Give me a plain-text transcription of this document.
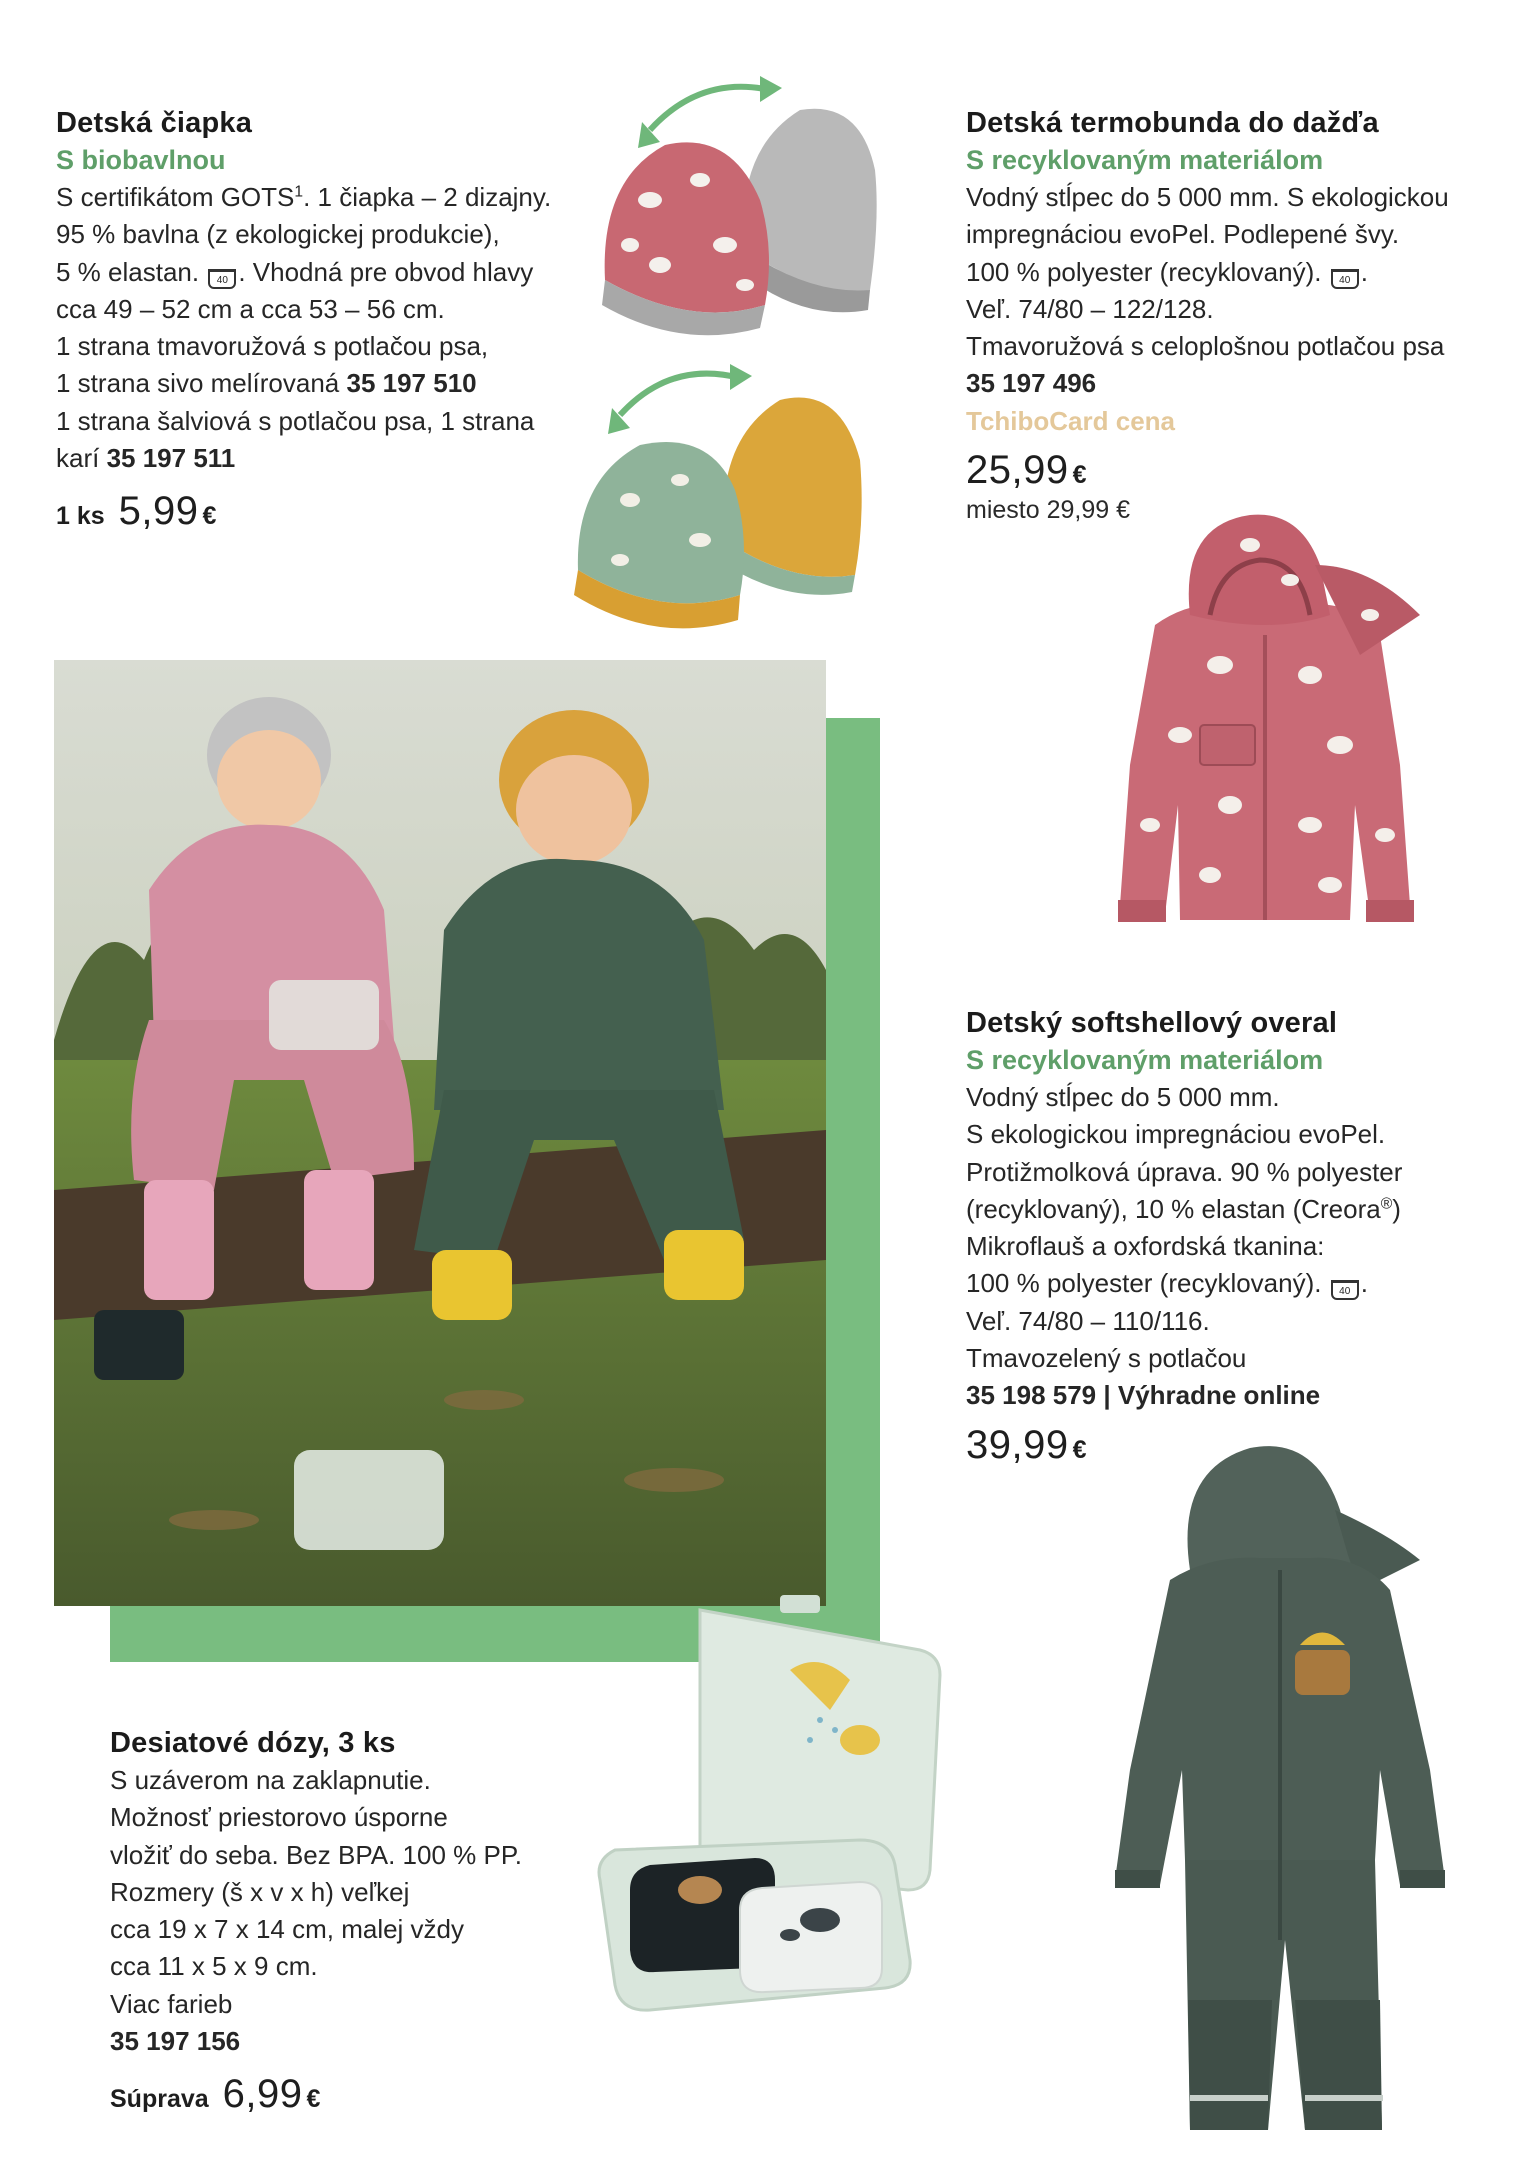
Detská čiapka
S biobavlnou
S certifikátom GOTS$^1$. 1 čiapka – 2 dizajny.
95 % bavlna (z ekologickej produkcie),
5 % elastan. 40 . Vhodná pre obvod hlavy
cca 49 – 52 cm a cca 53 – 56 cm.
1 strana tmavoružová s potlačou psa,
1 strana sivo melírovaná 35 197 510
1 strana šalviová s potlačou psa, 1 strana
karí 35 197 511
1 ks 5,99 €
Detská termobunda do dažďa
S recyklovaným materiálom
Vodný stĺpec do 5 000 mm. S ekologickou
impregnáciou evoPel. Podlepené švy.
100 % polyester (recyklovaný). 40 .
Veľ. 74/80 – 122/128.
Tmavoružová s celoplošnou potlačou psa
35 197 496
TchiboCard cena
25,99 €
miesto 29,99 €
Detský softshellový overal
S recyklovaným materiálom
Vodný stĺpec do 5 000 mm.
S ekologickou impregnáciou evoPel.
Protižmolková úprava. 90 % polyester
(recyklovaný), 10 % elastan (Creora®)
Mikroflauš a oxfordská tkanina:
100 % polyester (recyklovaný). 40 .
Veľ. 74/80 – 110/116.
Tmavozelený s potlačou
35 198 579 | Výhradne online
39,99 €
Desiatové dózy, 3 ks
S uzáverom na zaklapnutie.
Možnosť priestorovo úsporne
vložiť do seba. Bez BPA. 100 % PP.
Rozmery (š x v x h) veľkej
cca 19 x 7 x 14 cm, malej vždy
cca 11 x 5 x 9 cm.
Viac farieb
35 197 156
Súprava 6,99 €
